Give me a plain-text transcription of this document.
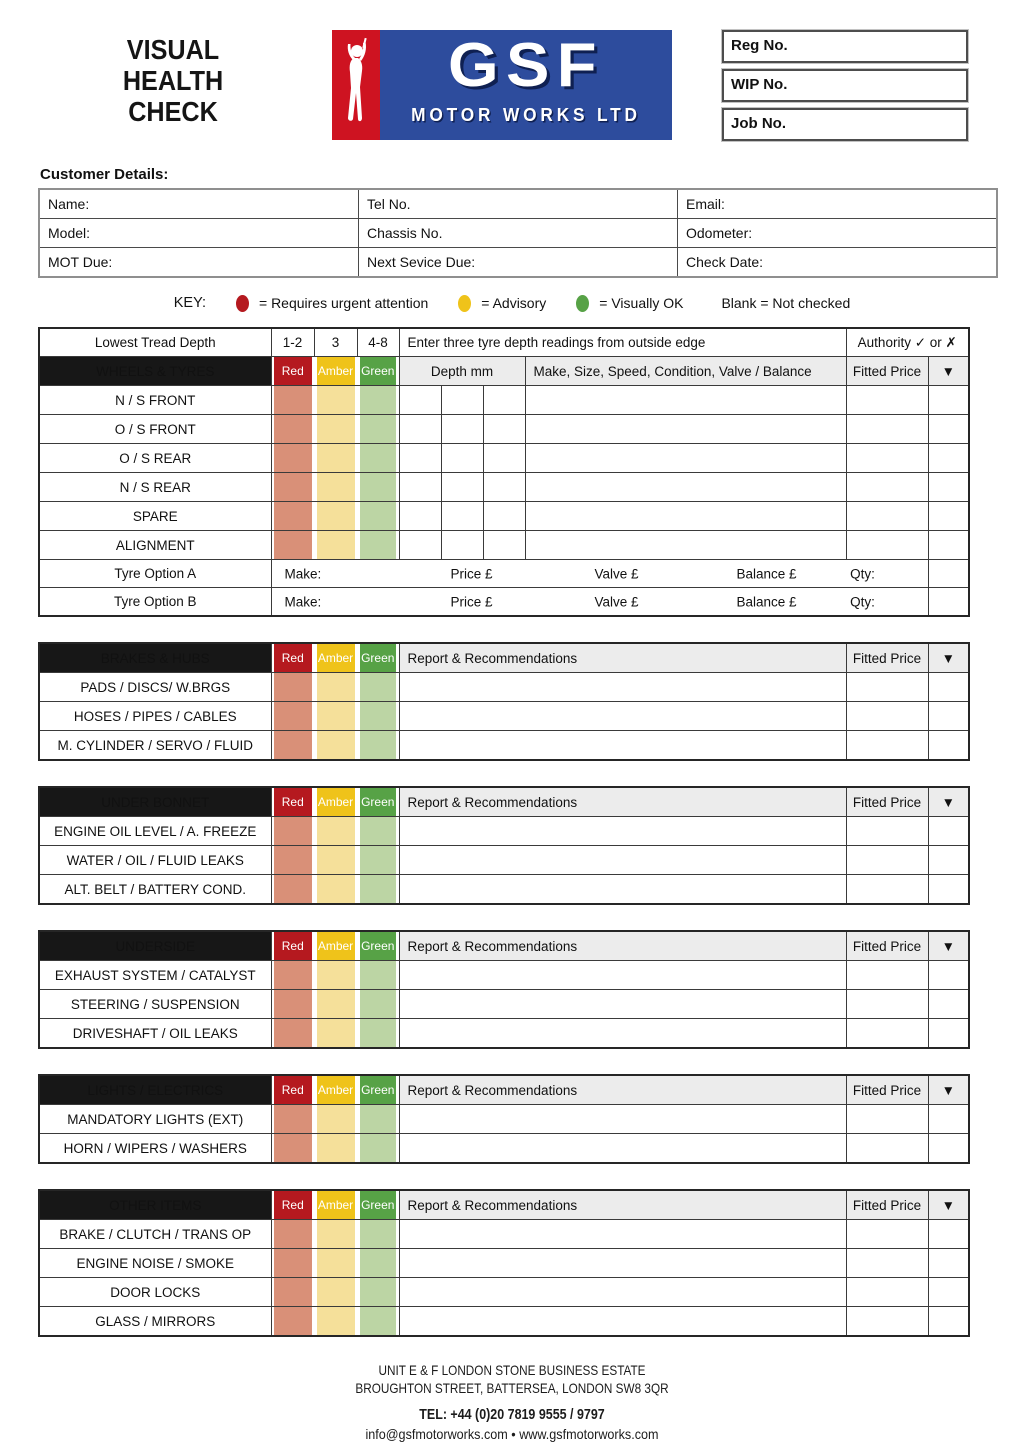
VISUAL
HEALTH
CHECK
GSF
MOTOR WORKS LTD
Reg No.
WIP No.
Job No.
Customer Details:
Name:	Tel No.	Email:
Model:	Chassis No.	Odometer:
MOT Due:	Next Sevice Due:	Check Date:
KEY:	= Requires urgent attention	= Advisory	= Visually OK	Blank = Not checked
Lowest Tread Depth	1-2	3	4-8	Enter three tyre depth readings from outside edge				Authority ✓ or ✗	
WHEELS & TYRES	Red	Amber	Green	Depth mm			Make, Size, Speed, Condition, Valve / Balance	Fitted Price	▼
N / S FRONT	

O / S FRONT	

O / S REAR	

N / S REAR	

SPARE	

ALIGNMENT	

Tyre Option A	Make: Price £ Valve £ Balance £ Qty:								

Tyre Option B	Make: Price £ Valve £ Balance £ Qty:								

BRAKES & HUBS	Red	Amber	Green	Report & Recommendations	Fitted Price	▼
PADS / DISCS/ W.BRGS	

HOSES / PIPES / CABLES	

M. CYLINDER / SERVO / FLUID	

UNDER BONNET	Red	Amber	Green	Report & Recommendations	Fitted Price	▼
ENGINE OIL LEVEL / A. FREEZE	

WATER / OIL / FLUID LEAKS	

ALT. BELT / BATTERY COND.	

UNDERSIDE	Red	Amber	Green	Report & Recommendations	Fitted Price	▼
EXHAUST SYSTEM / CATALYST	

STEERING / SUSPENSION	

DRIVESHAFT / OIL LEAKS	

LIGHTS / ELECTRICS	Red	Amber	Green	Report & Recommendations	Fitted Price	▼
MANDATORY LIGHTS (EXT)	

HORN / WIPERS / WASHERS	

OTHER ITEMS	Red	Amber	Green	Report & Recommendations	Fitted Price	▼
BRAKE / CLUTCH / TRANS OP	

ENGINE NOISE / SMOKE	

DOOR LOCKS	

GLASS / MIRRORS	

UNIT E & F LONDON STONE BUSINESS ESTATE
BROUGHTON STREET, BATTERSEA, LONDON SW8 3QR
TEL: +44 (0)20 7819 9555 / 9797
info@gsfmotorworks.com • www.gsfmotorworks.com
